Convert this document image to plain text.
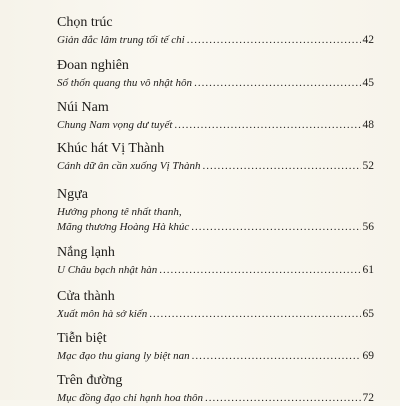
Chọn trúc
Giản đắc lâm trung tối tế chi .....	42
Đoan nghiên
Sổ thốn quang thu vô nhật hôn .....	45
Núi Nam
Chung Nam vọng dư tuyết .....	48
Khúc hát Vị Thành
Cánh dữ ân cần xuống Vị Thành .....	52
Ngựa
Hướng phong tê nhất thanh,
Mãng thương Hoàng Hà khúc .....	56
Nắng lạnh
U Châu bạch nhật hàn .....	61
Cửa thành
Xuất môn hà sở kiến .....	65
Tiễn biệt
Mạc đạo thu giang ly biệt nan .....	69
Trên đường
Mục đồng đạo chỉ hạnh hoa thôn .....	72
